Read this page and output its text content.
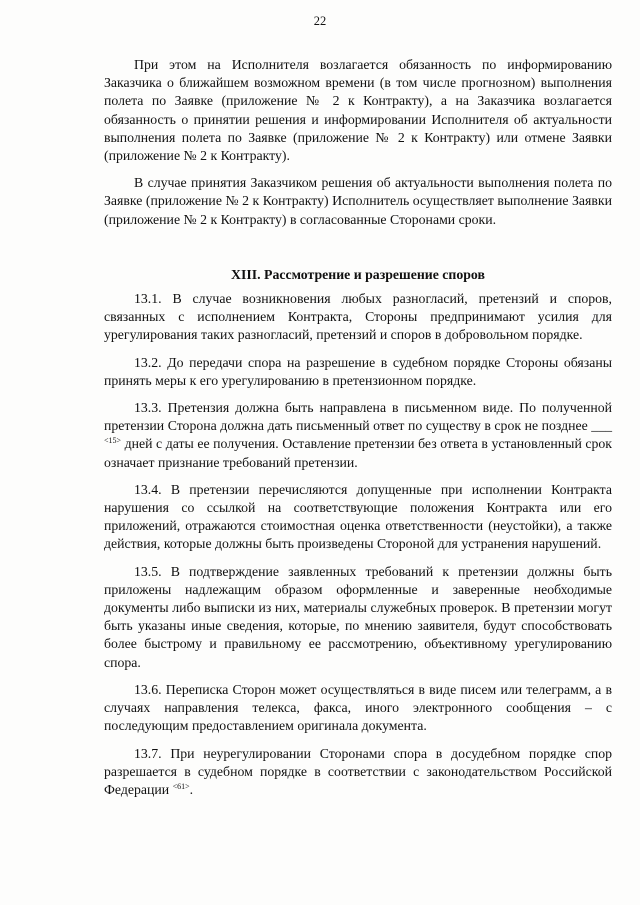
22

При этом на Исполнителя возлагается обязанность по информированию Заказчика о ближайшем возможном времени (в том числе прогнозном) выполнения полета по Заявке (приложение № 2 к Контракту), а на Заказчика возлагается обязанность о принятии решения и информировании Исполнителя об актуальности выполнения полета по Заявке (приложение № 2 к Контракту) или отмене Заявки (приложение № 2 к Контракту).

В случае принятия Заказчиком решения об актуальности выполнения полета по Заявке (приложение № 2 к Контракту) Исполнитель осуществляет выполнение Заявки (приложение № 2 к Контракту) в согласованные Сторонами сроки.

XIII. Рассмотрение и разрешение споров

13.1. В случае возникновения любых разногласий, претензий и споров, связанных с исполнением Контракта, Стороны предпринимают усилия для урегулирования таких разногласий, претензий и споров в добровольном порядке.

13.2. До передачи спора на разрешение в судебном порядке Стороны обязаны принять меры к его урегулированию в претензионном порядке.

13.3. Претензия должна быть направлена в письменном виде. По полученной претензии Сторона должна дать письменный ответ по существу в срок не позднее ___ $^{<15>}$ дней с даты ее получения. Оставление претензии без ответа в установленный срок означает признание требований претензии.

13.4. В претензии перечисляются допущенные при исполнении Контракта нарушения со ссылкой на соответствующие положения Контракта или его приложений, отражаются стоимостная оценка ответственности (неустойки), а также действия, которые должны быть произведены Стороной для устранения нарушений.

13.5. В подтверждение заявленных требований к претензии должны быть приложены надлежащим образом оформленные и заверенные необходимые документы либо выписки из них, материалы служебных проверок. В претензии могут быть указаны иные сведения, которые, по мнению заявителя, будут способствовать более быстрому и правильному ее рассмотрению, объективному урегулированию спора.

13.6. Переписка Сторон может осуществляться в виде писем или телеграмм, а в случаях направления телекса, факса, иного электронного сообщения – с последующим предоставлением оригинала документа.

13.7. При неурегулировании Сторонами спора в досудебном порядке спор разрешается в судебном порядке в соответствии с законодательством Российской Федерации $^{<61>}$.
